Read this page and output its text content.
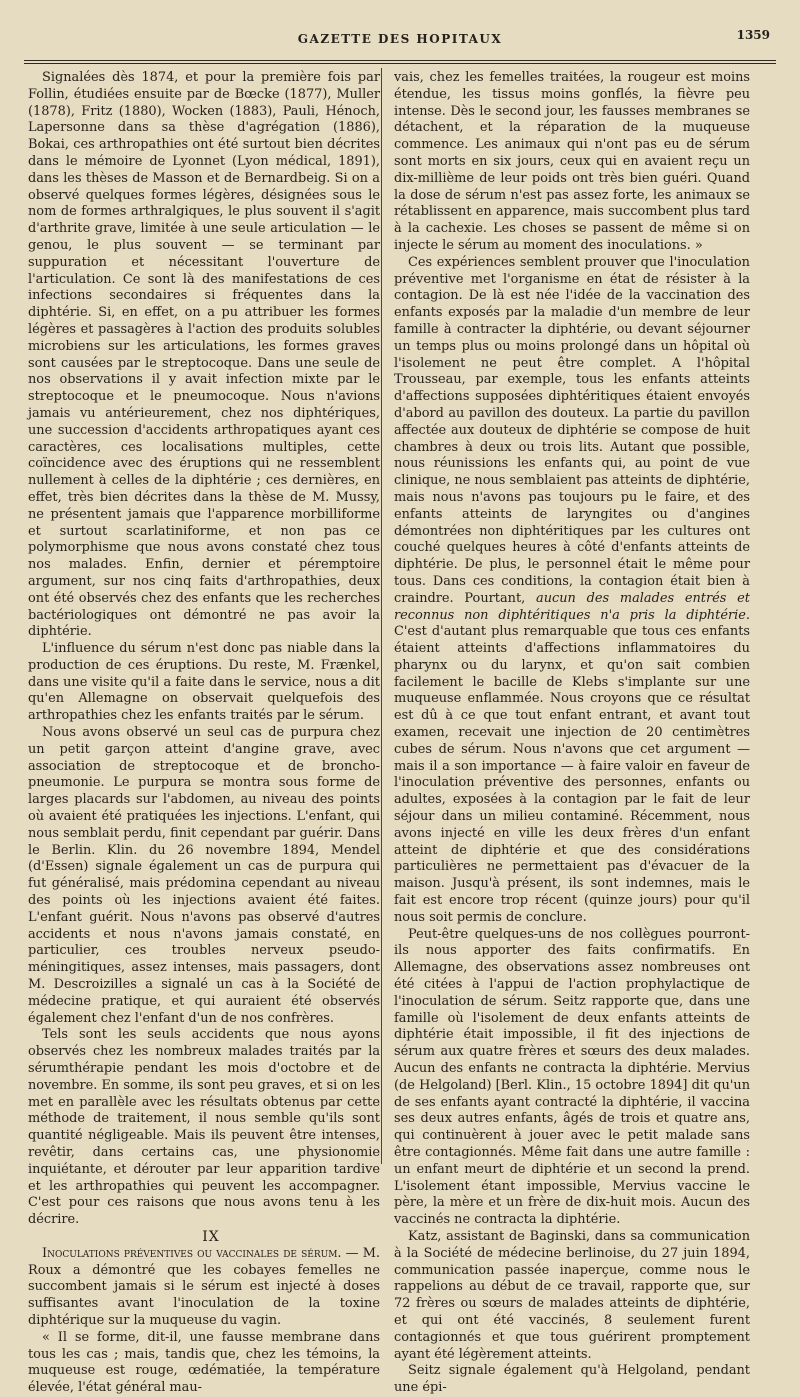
GAZETTE DES HOPITAUX	1359

Signalées dès 1874, et pour la première fois par Follin, étudiées ensuite par de Bœcke (1877), Muller (1878), Fritz (1880), Wocken (1883), Pauli, Hénoch, Lapersonne dans sa thèse d'agrégation (1886), Bokai, ces arthropathies ont été surtout bien décrites dans le mémoire de Lyonnet (Lyon médical, 1891), dans les thèses de Masson et de Bernardbeig. Si on a observé quelques formes légères, désignées sous le nom de formes arthralgiques, le plus souvent il s'agit d'arthrite grave, limitée à une seule articulation — le genou, le plus souvent — se terminant par suppuration et nécessitant l'ouverture de l'articulation. Ce sont là des manifestations de ces infections secondaires si fréquentes dans la diphtérie. Si, en effet, on a pu attribuer les formes légères et passagères à l'action des produits solubles microbiens sur les articulations, les formes graves sont causées par le streptocoque. Dans une seule de nos observations il y avait infection mixte par le streptocoque et le pneumocoque. Nous n'avions jamais vu antérieurement, chez nos diphtériques, une succession d'accidents arthropatiques ayant ces caractères, ces localisations multiples, cette coïncidence avec des éruptions qui ne ressemblent nullement à celles de la diphtérie ; ces dernières, en effet, très bien décrites dans la thèse de M. Mussy, ne présentent jamais que l'apparence morbilliforme et surtout scarlatiniforme, et non pas ce polymorphisme que nous avons constaté chez tous nos malades. Enfin, dernier et péremptoire argument, sur nos cinq faits d'arthropathies, deux ont été observés chez des enfants que les recherches bactériologiques ont démontré ne pas avoir la diphtérie.

L'influence du sérum n'est donc pas niable dans la production de ces éruptions. Du reste, M. Frænkel, dans une visite qu'il a faite dans le service, nous a dit qu'en Allemagne on observait quelquefois des arthropathies chez les enfants traités par le sérum.

Nous avons observé un seul cas de purpura chez un petit garçon atteint d'angine grave, avec association de streptocoque et de broncho-pneumonie. Le purpura se montra sous forme de larges placards sur l'abdomen, au niveau des points où avaient été pratiquées les injections. L'enfant, qui nous semblait perdu, finit cependant par guérir. Dans le Berlin. Klin. du 26 novembre 1894, Mendel (d'Essen) signale également un cas de purpura qui fut généralisé, mais prédomina cependant au niveau des points où les injections avaient été faites. L'enfant guérit. Nous n'avons pas observé d'autres accidents et nous n'avons jamais constaté, en particulier, ces troubles nerveux pseudo-méningitiques, assez intenses, mais passagers, dont M. Descroizilles a signalé un cas à la Société de médecine pratique, et qui auraient été observés également chez l'enfant d'un de nos confrères.

Tels sont les seuls accidents que nous ayons observés chez les nombreux malades traités par la sérumthérapie pendant les mois d'octobre et de novembre. En somme, ils sont peu graves, et si on les met en parallèle avec les résultats obtenus par cette méthode de traitement, il nous semble qu'ils sont quantité négligeable. Mais ils peuvent être intenses, revêtir, dans certains cas, une physionomie inquiétante, et dérouter par leur apparition tardive et les arthropathies qui peuvent les accompagner. C'est pour ces raisons que nous avons tenu à les décrire.

IX

Inoculations préventives ou vaccinales de sérum. — M. Roux a démontré que les cobayes femelles ne succombent jamais si le sérum est injecté à doses suffisantes avant l'inoculation de la toxine diphtérique sur la muqueuse du vagin.

« Il se forme, dit-il, une fausse membrane dans tous les cas ; mais, tandis que, chez les témoins, la muqueuse est rouge, œdématiée, la température élevée, l'état général mau-

vais, chez les femelles traitées, la rougeur est moins étendue, les tissus moins gonflés, la fièvre peu intense. Dès le second jour, les fausses membranes se détachent, et la réparation de la muqueuse commence. Les animaux qui n'ont pas eu de sérum sont morts en six jours, ceux qui en avaient reçu un dix-millième de leur poids ont très bien guéri. Quand la dose de sérum n'est pas assez forte, les animaux se rétablissent en apparence, mais succombent plus tard à la cachexie. Les choses se passent de même si on injecte le sérum au moment des inoculations. »

Ces expériences semblent prouver que l'inoculation préventive met l'organisme en état de résister à la contagion. De là est née l'idée de la vaccination des enfants exposés par la maladie d'un membre de leur famille à contracter la diphtérie, ou devant séjourner un temps plus ou moins prolongé dans un hôpital où l'isolement ne peut être complet. A l'hôpital Trousseau, par exemple, tous les enfants atteints d'affections supposées diphtéritiques étaient envoyés d'abord au pavillon des douteux. La partie du pavillon affectée aux douteux de diphtérie se compose de huit chambres à deux ou trois lits. Autant que possible, nous réunissions les enfants qui, au point de vue clinique, ne nous semblaient pas atteints de diphtérie, mais nous n'avons pas toujours pu le faire, et des enfants atteints de laryngites ou d'angines démontrées non diphtéritiques par les cultures ont couché quelques heures à côté d'enfants atteints de diphtérie. De plus, le personnel était le même pour tous. Dans ces conditions, la contagion était bien à craindre. Pourtant, aucun des malades entrés et reconnus non diphtéritiques n'a pris la diphtérie. C'est d'autant plus remarquable que tous ces enfants étaient atteints d'affections inflammatoires du pharynx ou du larynx, et qu'on sait combien facilement le bacille de Klebs s'implante sur une muqueuse enflammée. Nous croyons que ce résultat est dû à ce que tout enfant entrant, et avant tout examen, recevait une injection de 20 centimètres cubes de sérum. Nous n'avons que cet argument — mais il a son importance — à faire valoir en faveur de l'inoculation préventive des personnes, enfants ou adultes, exposées à la contagion par le fait de leur séjour dans un milieu contaminé. Récemment, nous avons injecté en ville les deux frères d'un enfant atteint de diphtérie et que des considérations particulières ne permettaient pas d'évacuer de la maison. Jusqu'à présent, ils sont indemnes, mais le fait est encore trop récent (quinze jours) pour qu'il nous soit permis de conclure.

Peut-être quelques-uns de nos collègues pourront-ils nous apporter des faits confirmatifs. En Allemagne, des observations assez nombreuses ont été citées à l'appui de l'action prophylactique de l'inoculation de sérum. Seitz rapporte que, dans une famille où l'isolement de deux enfants atteints de diphtérie était impossible, il fit des injections de sérum aux quatre frères et sœurs des deux malades. Aucun des enfants ne contracta la diphtérie. Mervius (de Helgoland) [Berl. Klin., 15 octobre 1894] dit qu'un de ses enfants ayant contracté la diphtérie, il vaccina ses deux autres enfants, âgés de trois et quatre ans, qui continuèrent à jouer avec le petit malade sans être contagionnés. Même fait dans une autre famille : un enfant meurt de diphtérie et un second la prend. L'isolement étant impossible, Mervius vaccine le père, la mère et un frère de dix-huit mois. Aucun des vaccinés ne contracta la diphtérie.

Katz, assistant de Baginski, dans sa communication à la Société de médecine berlinoise, du 27 juin 1894, communication passée inaperçue, comme nous le rappelions au début de ce travail, rapporte que, sur 72 frères ou sœurs de malades atteints de diphtérie, et qui ont été vaccinés, 8 seulement furent contagionnés et que tous guérirent promptement ayant été légèrement atteints.

Seitz signale également qu'à Helgoland, pendant une épi-
